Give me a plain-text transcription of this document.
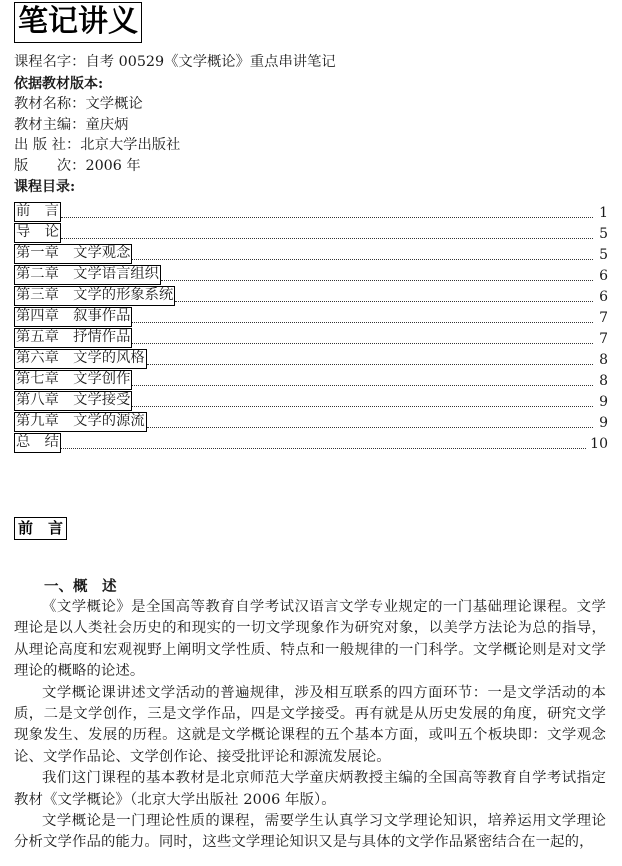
笔记讲义
课程名字：自考 00529《文学概论》重点串讲笔记
依据教材版本:
教材名称：文学概论
教材主编：童庆炳
出 版 社：北京大学出版社
版　　次：2006 年
课程目录:
前　言	1
导　论	5
第一章　文学观念	5
第二章　文学语言组织	6
第三章　文学的形象系统	6
第四章　叙事作品	7
第五章　抒情作品	7
第六章　文学的风格	8
第七章　文学创作	8
第八章　文学接受	9
第九章　文学的源流	9
总　结	10
前　言
一、概　述

《文学概论》是全国高等教育自学考试汉语言文学专业规定的一门基础理论课程。文学理论是以人类社会历史的和现实的一切文学现象作为研究对象，以美学方法论为总的指导，从理论高度和宏观视野上阐明文学性质、特点和一般规律的一门科学。文学概论则是对文学理论的概略的论述。

文学概论课讲述文学活动的普遍规律，涉及相互联系的四方面环节：一是文学活动的本质，二是文学创作，三是文学作品，四是文学接受。再有就是从历史发展的角度，研究文学现象发生、发展的历程。这就是文学概论课程的五个基本方面，或叫五个板块即：文学观念论、文学作品论、文学创作论、接受批评论和源流发展论。

我们这门课程的基本教材是北京师范大学童庆炳教授主编的全国高等教育自学考试指定教材《文学概论》（北京大学出版社 2006 年版）。

文学概论是一门理论性质的课程，需要学生认真学习文学理论知识，培养运用文学理论分析文学作品的能力。同时，这些文学理论知识又是与具体的文学作品紧密结合在一起的，
